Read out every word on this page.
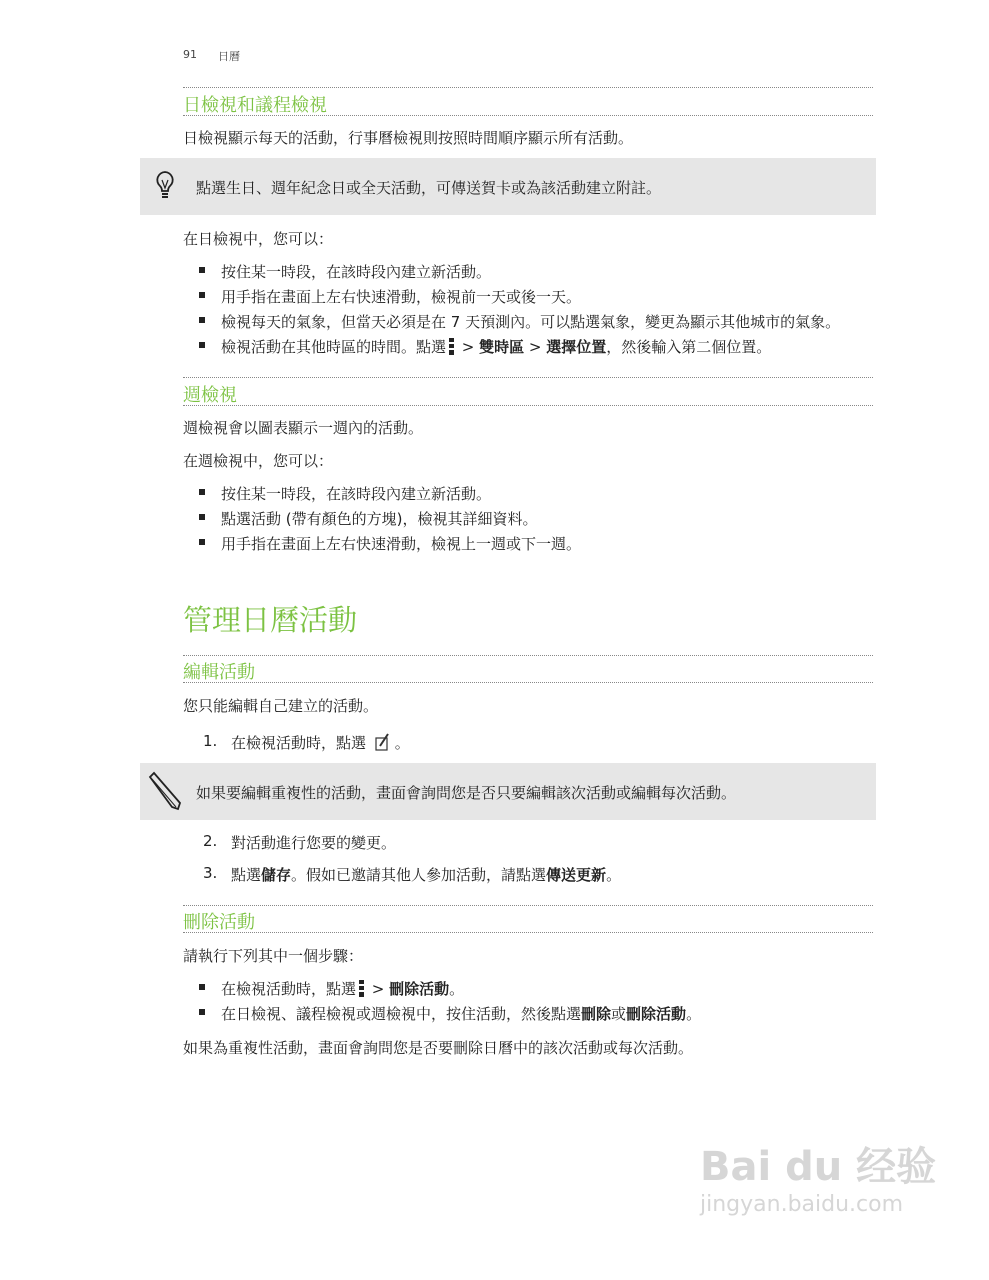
91 日曆
日檢視和議程檢視
日檢視顯示每天的活動，行事曆檢視則按照時間順序顯示所有活動。
點選生日、週年紀念日或全天活動，可傳送賀卡或為該活動建立附註。
在日檢視中，您可以：
按住某一時段，在該時段內建立新活動。
用手指在畫面上左右快速滑動，檢視前一天或後一天。
檢視每天的氣象，但當天必須是在 7 天預測內。可以點選氣象，變更為顯示其他城市的氣象。
檢視活動在其他時區的時間。點選 > 雙時區 > 選擇位置，然後輸入第二個位置。
週檢視
週檢視會以圖表顯示一週內的活動。
在週檢視中，您可以：
按住某一時段，在該時段內建立新活動。
點選活動 (帶有顏色的方塊)，檢視其詳細資料。
用手指在畫面上左右快速滑動，檢視上一週或下一週。
管理日曆活動
編輯活動
您只能編輯自己建立的活動。
1. 在檢視活動時，點選 。
如果要編輯重複性的活動，畫面會詢問您是否只要編輯該次活動或編輯每次活動。
2. 對活動進行您要的變更。
3. 點選儲存。假如已邀請其他人參加活動，請點選傳送更新。
刪除活動
請執行下列其中一個步驟：
在檢視活動時，點選 > 刪除活動。
在日檢視、議程檢視或週檢視中，按住活動，然後點選刪除或刪除活動。
如果為重複性活動，畫面會詢問您是否要刪除日曆中的該次活動或每次活動。
Bai du 经验
jingyan.baidu.com
